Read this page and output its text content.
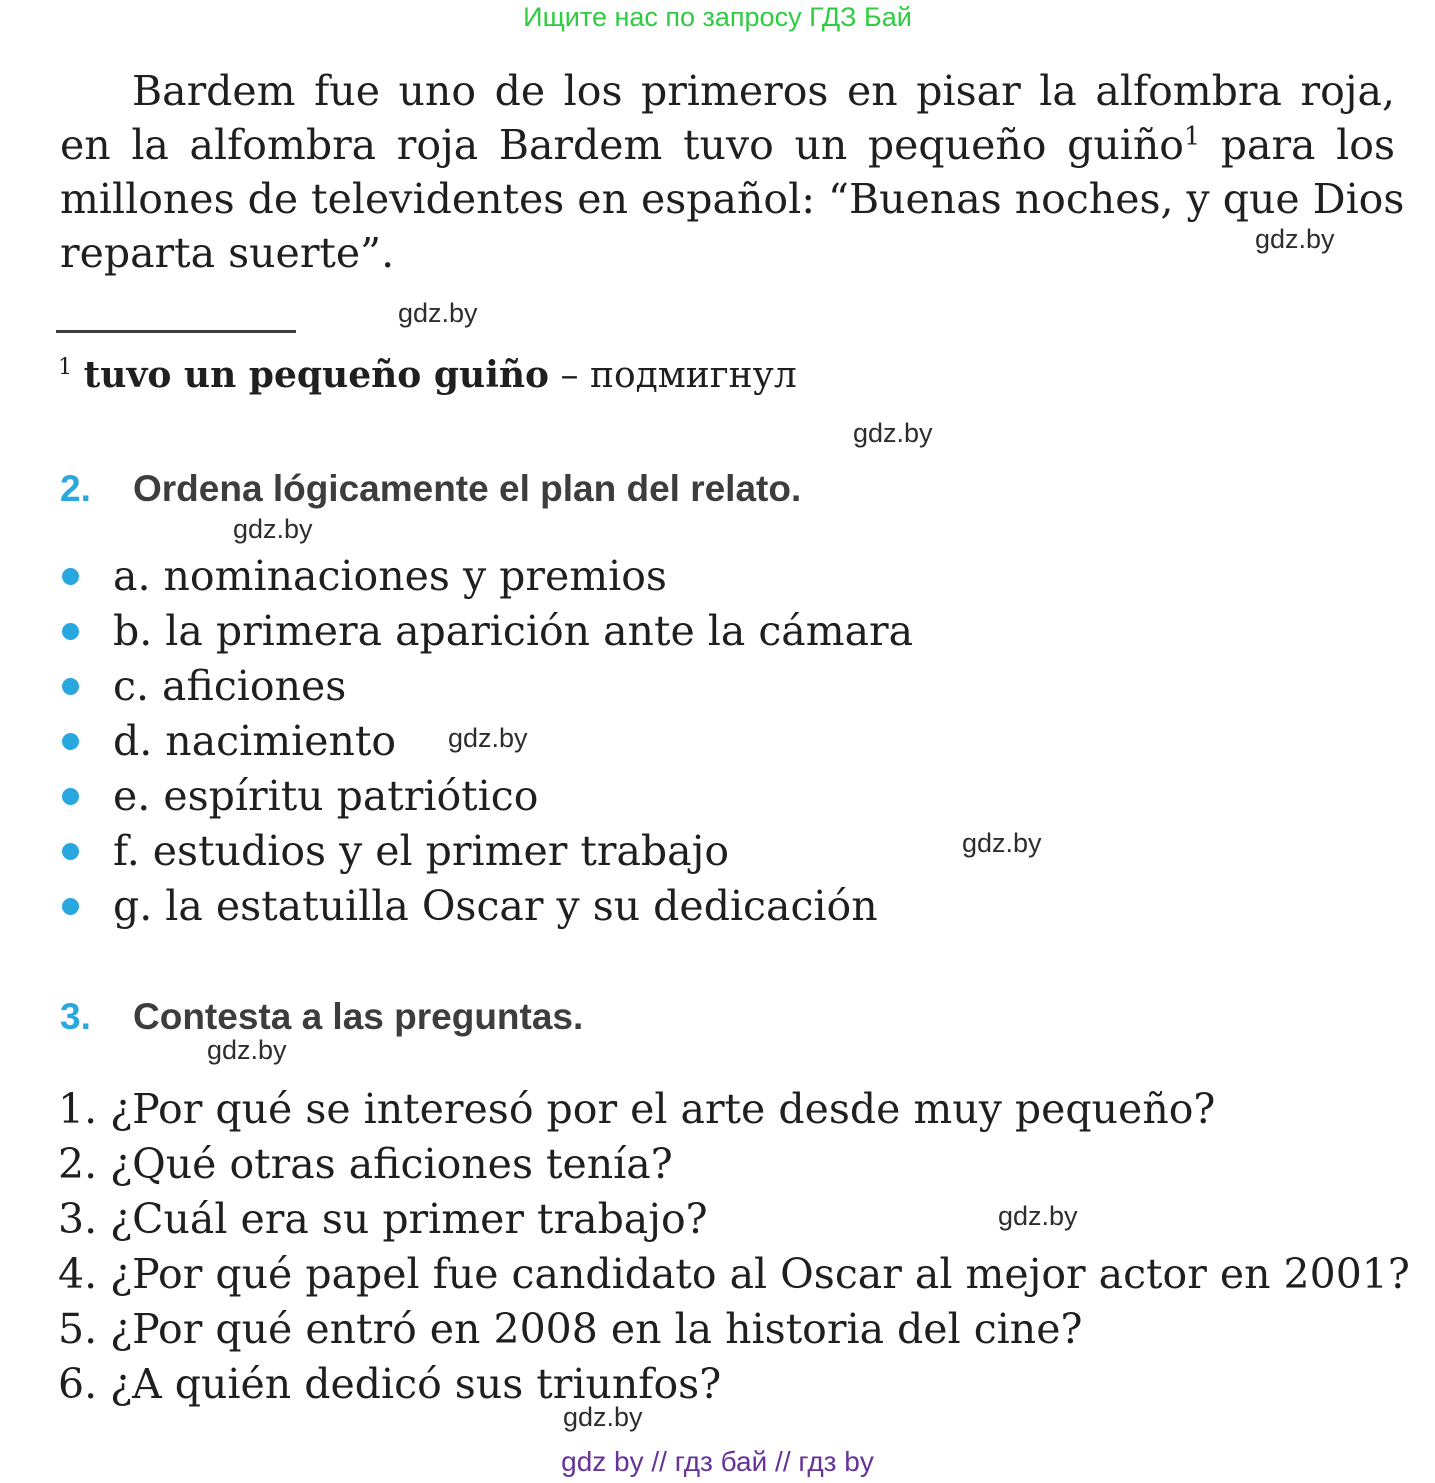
Ищите нас по запросу ГДЗ Бай
Bardem fue uno de los primeros en pisar la alfombra roja,
en la alfombra roja Bardem tuvo un pequeño guiño$^1$ para los
millones de televidentes en español: “Buenas noches, y que Dios
reparta suerte”.
$^1$ tuvo un pequeño guiño – подмигнул
2.	Ordena lógicamente el plan del relato.
a. nominaciones y premios
b. la primera aparición ante la cámara
c. aficiones
d. nacimiento
e. espíritu patriótico
f. estudios y el primer trabajo
g. la estatuilla Oscar y su dedicación
3.	Contesta a las preguntas.
1. ¿Por qué se interesó por el arte desde muy pequeño?
2. ¿Qué otras aficiones tenía?
3. ¿Cuál era su primer trabajo?
4. ¿Por qué papel fue candidato al Oscar al mejor actor en 2001?
5. ¿Por qué entró en 2008 en la historia del cine?
6. ¿A quién dedicó sus triunfos?
gdz.by
gdz.by
gdz.by
gdz.by
gdz.by
gdz.by
gdz.by
gdz.by
gdz.by
gdz by // гдз бай // гдз by
